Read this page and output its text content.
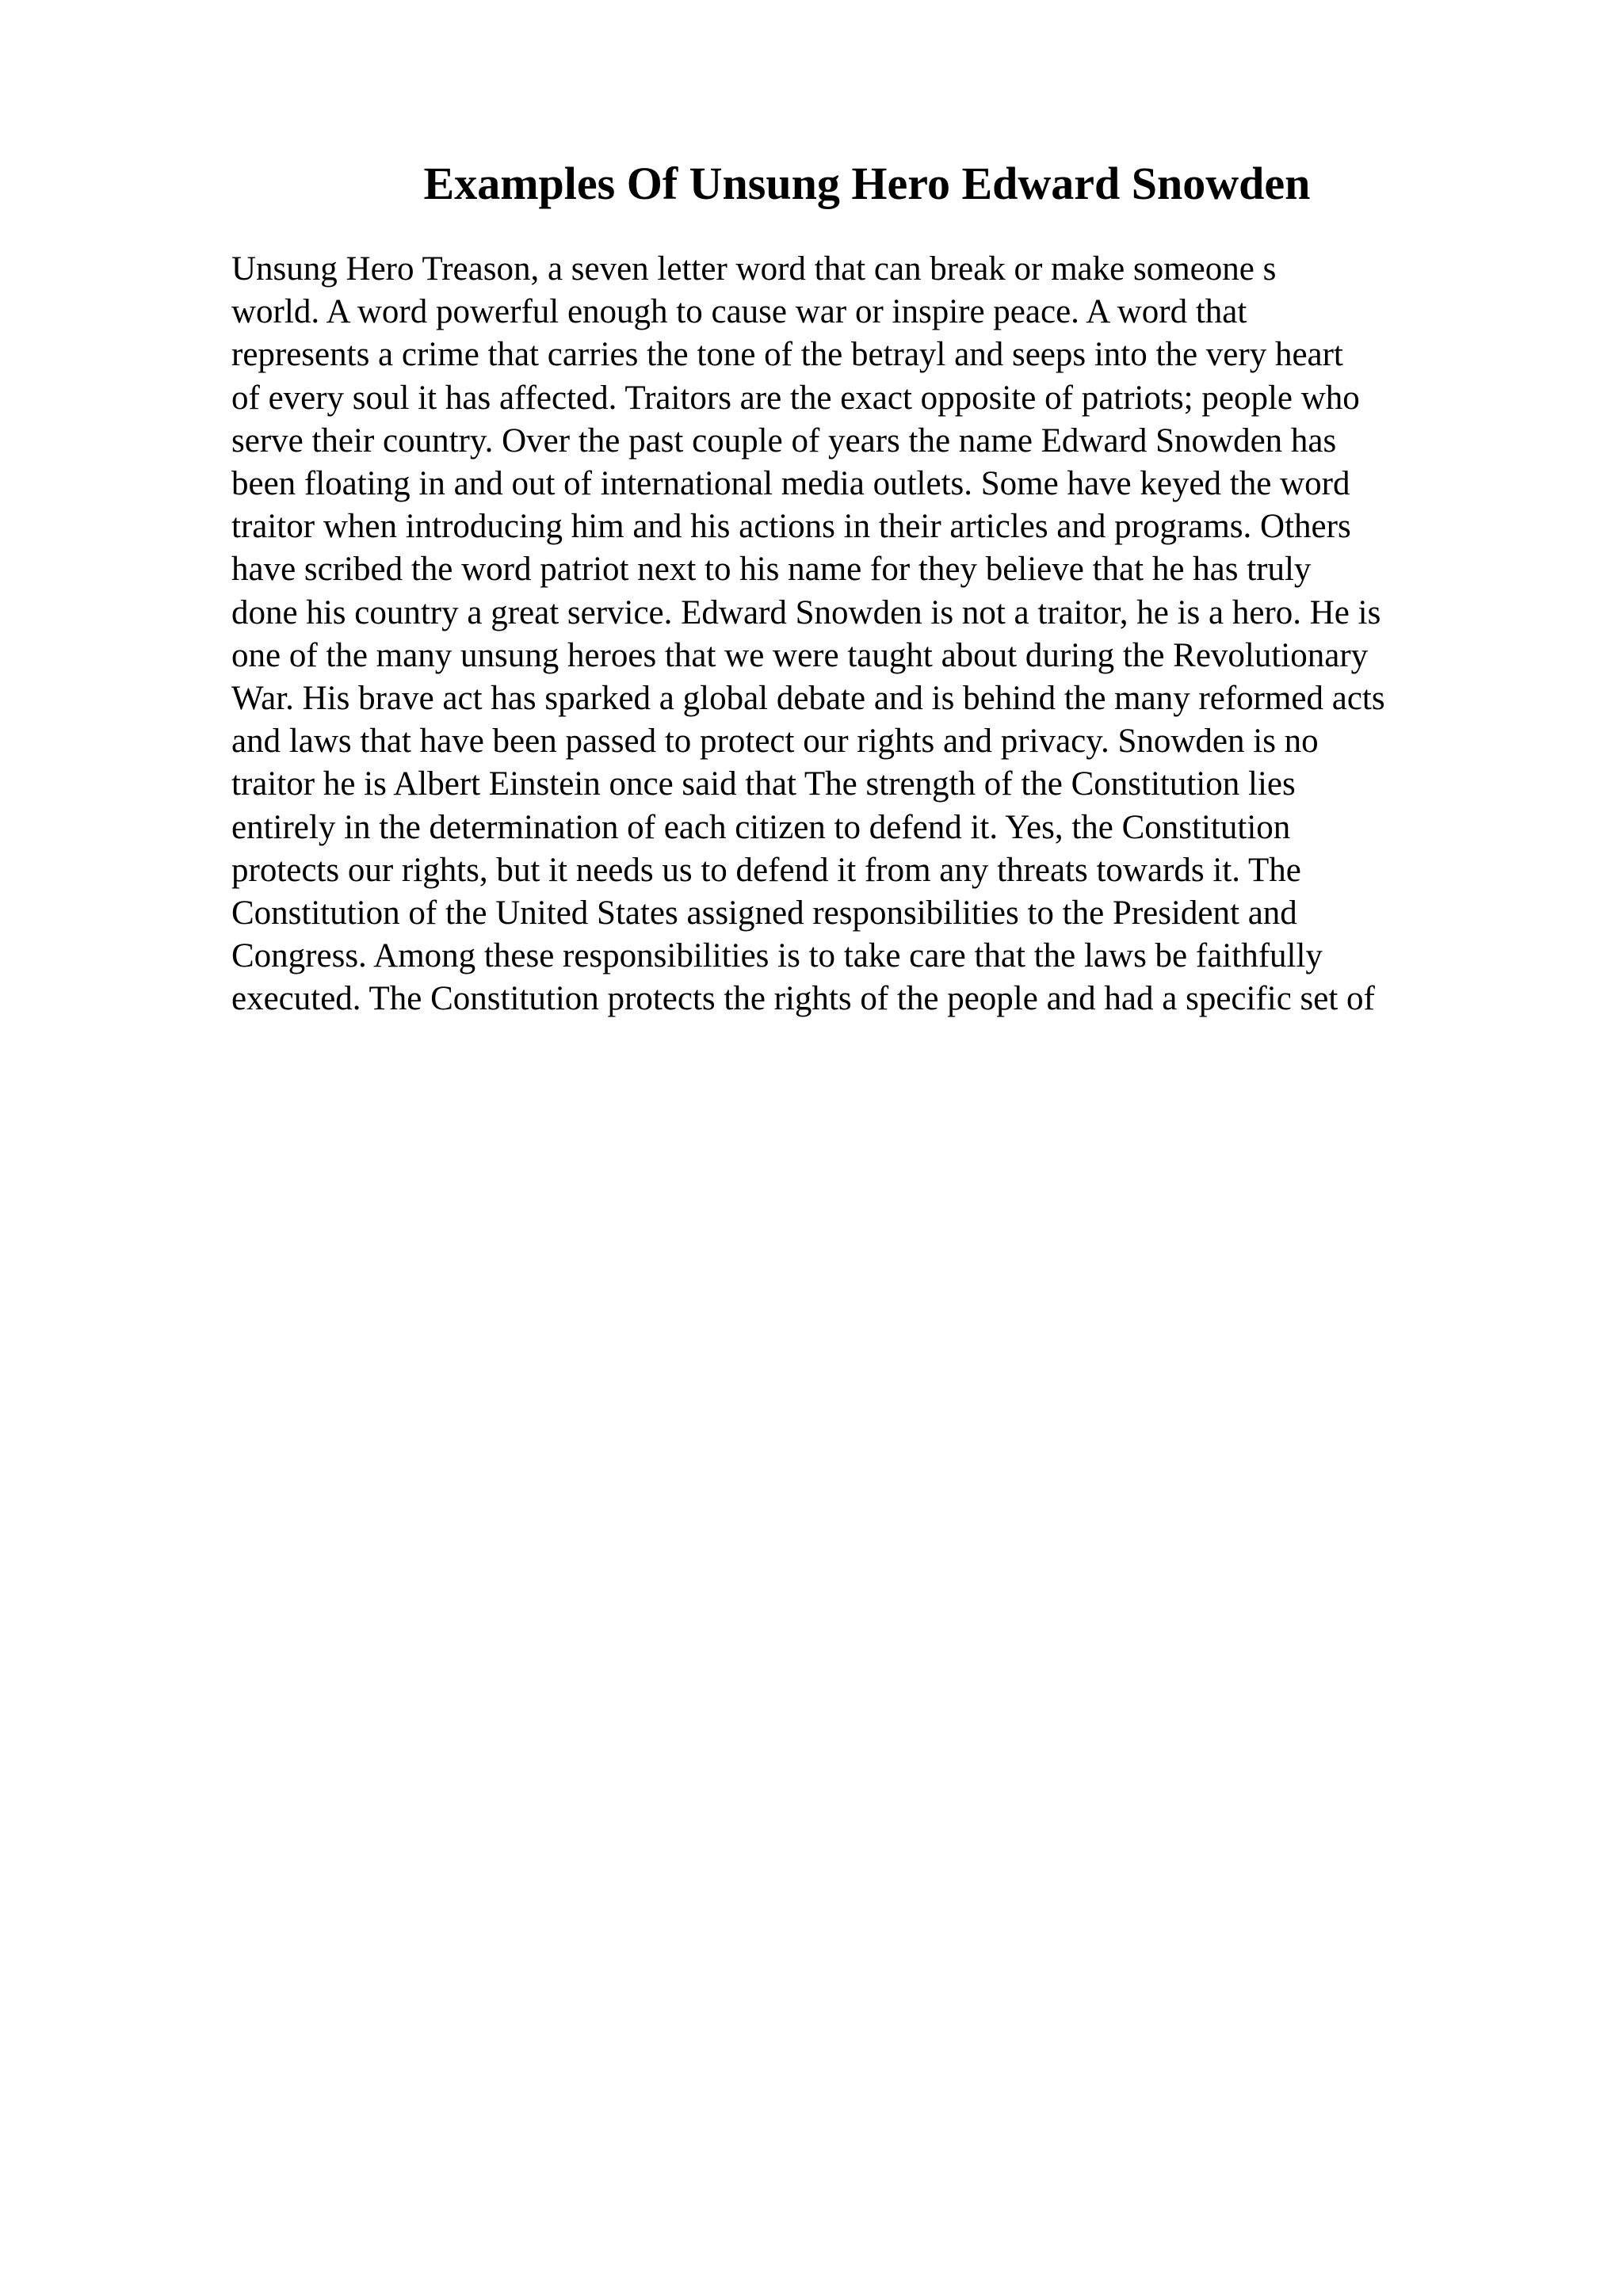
Examples Of Unsung Hero Edward Snowden
Unsung Hero Treason, a seven letter word that can break or make someone s
world. A word powerful enough to cause war or inspire peace. A word that
represents a crime that carries the tone of the betrayl and seeps into the very heart
of every soul it has affected. Traitors are the exact opposite of patriots; people who
serve their country. Over the past couple of years the name Edward Snowden has
been floating in and out of international media outlets. Some have keyed the word
traitor when introducing him and his actions in their articles and programs. Others
have scribed the word patriot next to his name for they believe that he has truly
done his country a great service. Edward Snowden is not a traitor, he is a hero. He is
one of the many unsung heroes that we were taught about during the Revolutionary
War. His brave act has sparked a global debate and is behind the many reformed acts
and laws that have been passed to protect our rights and privacy. Snowden is no
traitor he is Albert Einstein once said that The strength of the Constitution lies
entirely in the determination of each citizen to defend it. Yes, the Constitution
protects our rights, but it needs us to defend it from any threats towards it. The
Constitution of the United States assigned responsibilities to the President and
Congress. Among these responsibilities is to take care that the laws be faithfully
executed. The Constitution protects the rights of the people and had a specific set of
